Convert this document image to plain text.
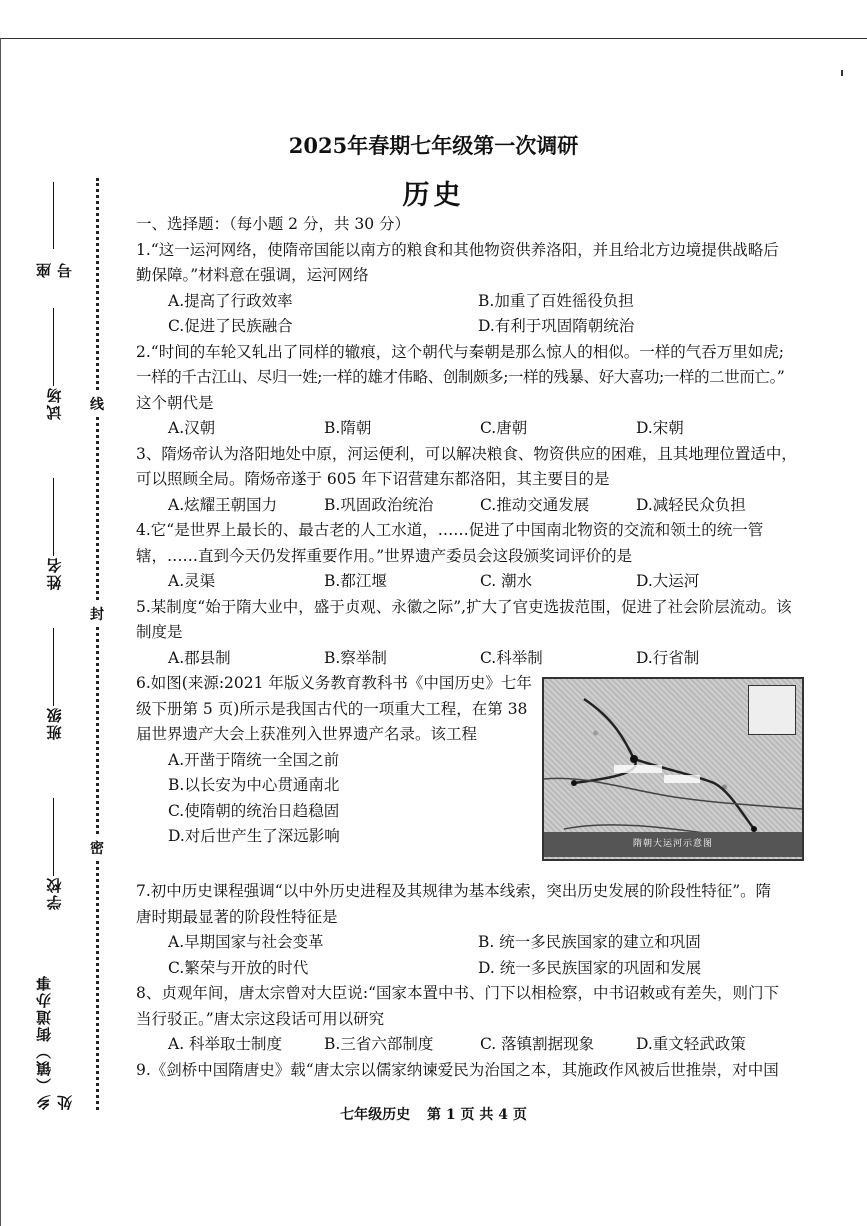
座号
试场
姓名
班级
学校
乡（镇）街道办事处
线
封
密
2025年春期七年级第一次调研
历史
一、选择题：（每小题 2 分，共 30 分）
1.“这一运河网络，使隋帝国能以南方的粮食和其他物资供养洛阳，并且给北方边境提供战略后
勤保障。”材料意在强调，运河网络
A.提高了行政效率	B.加重了百姓徭役负担
C.促进了民族融合	D.有利于巩固隋朝统治
2.“时间的车轮又轧出了同样的辙痕，这个朝代与秦朝是那么惊人的相似。一样的气吞万里如虎;
一样的千古江山、尽归一姓;一样的雄才伟略、创制颇多;一样的残暴、好大喜功;一样的二世而亡。”
这个朝代是
A.汉朝	B.隋朝	C.唐朝	D.宋朝
3、隋炀帝认为洛阳地处中原，河运便利，可以解决粮食、物资供应的困难，且其地理位置适中，
可以照顾全局。隋炀帝遂于 605 年下诏营建东都洛阳，其主要目的是
A.炫耀王朝国力	B.巩固政治统治	C.推动交通发展	D.减轻民众负担
4.它“是世界上最长的、最古老的人工水道，……促进了中国南北物资的交流和领土的统一管
辖，……直到今天仍发挥重要作用。”世界遗产委员会这段颁奖词评价的是
A.灵渠	B.都江堰	C. 潮水	D.大运河
5.某制度“始于隋大业中，盛于贞观、永徽之际”,扩大了官吏选拔范围，促进了社会阶层流动。该
制度是
A.郡县制	B.察举制	C.科举制	D.行省制
6.如图(来源:2021 年版义务教育教科书《中国历史》七年
级下册第 5 页)所示是我国古代的一项重大工程，在第 38
届世界遗产大会上获准列入世界遗产名录。该工程
A.开凿于隋统一全国之前
B.以长安为中心贯通南北
C.使隋朝的统治日趋稳固
D.对后世产生了深远影响	隋朝大运河示意图
7.初中历史课程强调“以中外历史进程及其规律为基本线索，突出历史发展的阶段性特征”。隋
唐时期最显著的阶段性特征是
A.早期国家与社会变革	B. 统一多民族国家的建立和巩固
C.繁荣与开放的时代	D. 统一多民族国家的巩固和发展
8、贞观年间，唐太宗曾对大臣说:“国家本置中书、门下以相检察，中书诏敕或有差失，则门下
当行驳正。”唐太宗这段话可用以研究
A. 科举取士制度	B.三省六部制度	C. 落镇割据现象	D.重文轻武政策
9.《剑桥中国隋唐史》载“唐太宗以儒家纳谏爱民为治国之本，其施政作风被后世推崇，对中国
七年级历史 第 1 页 共 4 页
